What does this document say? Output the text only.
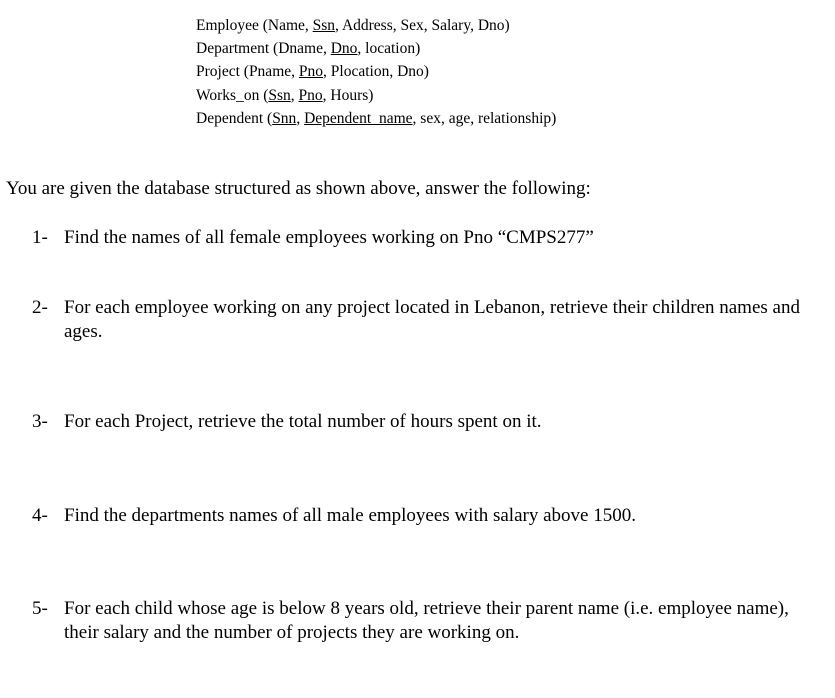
Employee (Name, Ssn, Address, Sex, Salary, Dno)
Department (Dname, Dno, location)
Project (Pname, Pno, Plocation, Dno)
Works_on (Ssn, Pno, Hours)
Dependent (Snn, Dependent_name, sex, age, relationship)
You are given the database structured as shown above, answer the following:
1- Find the names of all female employees working on Pno “CMPS277”
2- For each employee working on any project located in Lebanon, retrieve their children names and ages.
3- For each Project, retrieve the total number of hours spent on it.
4- Find the departments names of all male employees with salary above 1500.
5- For each child whose age is below 8 years old, retrieve their parent name (i.e. employee name), their salary and the number of projects they are working on.
